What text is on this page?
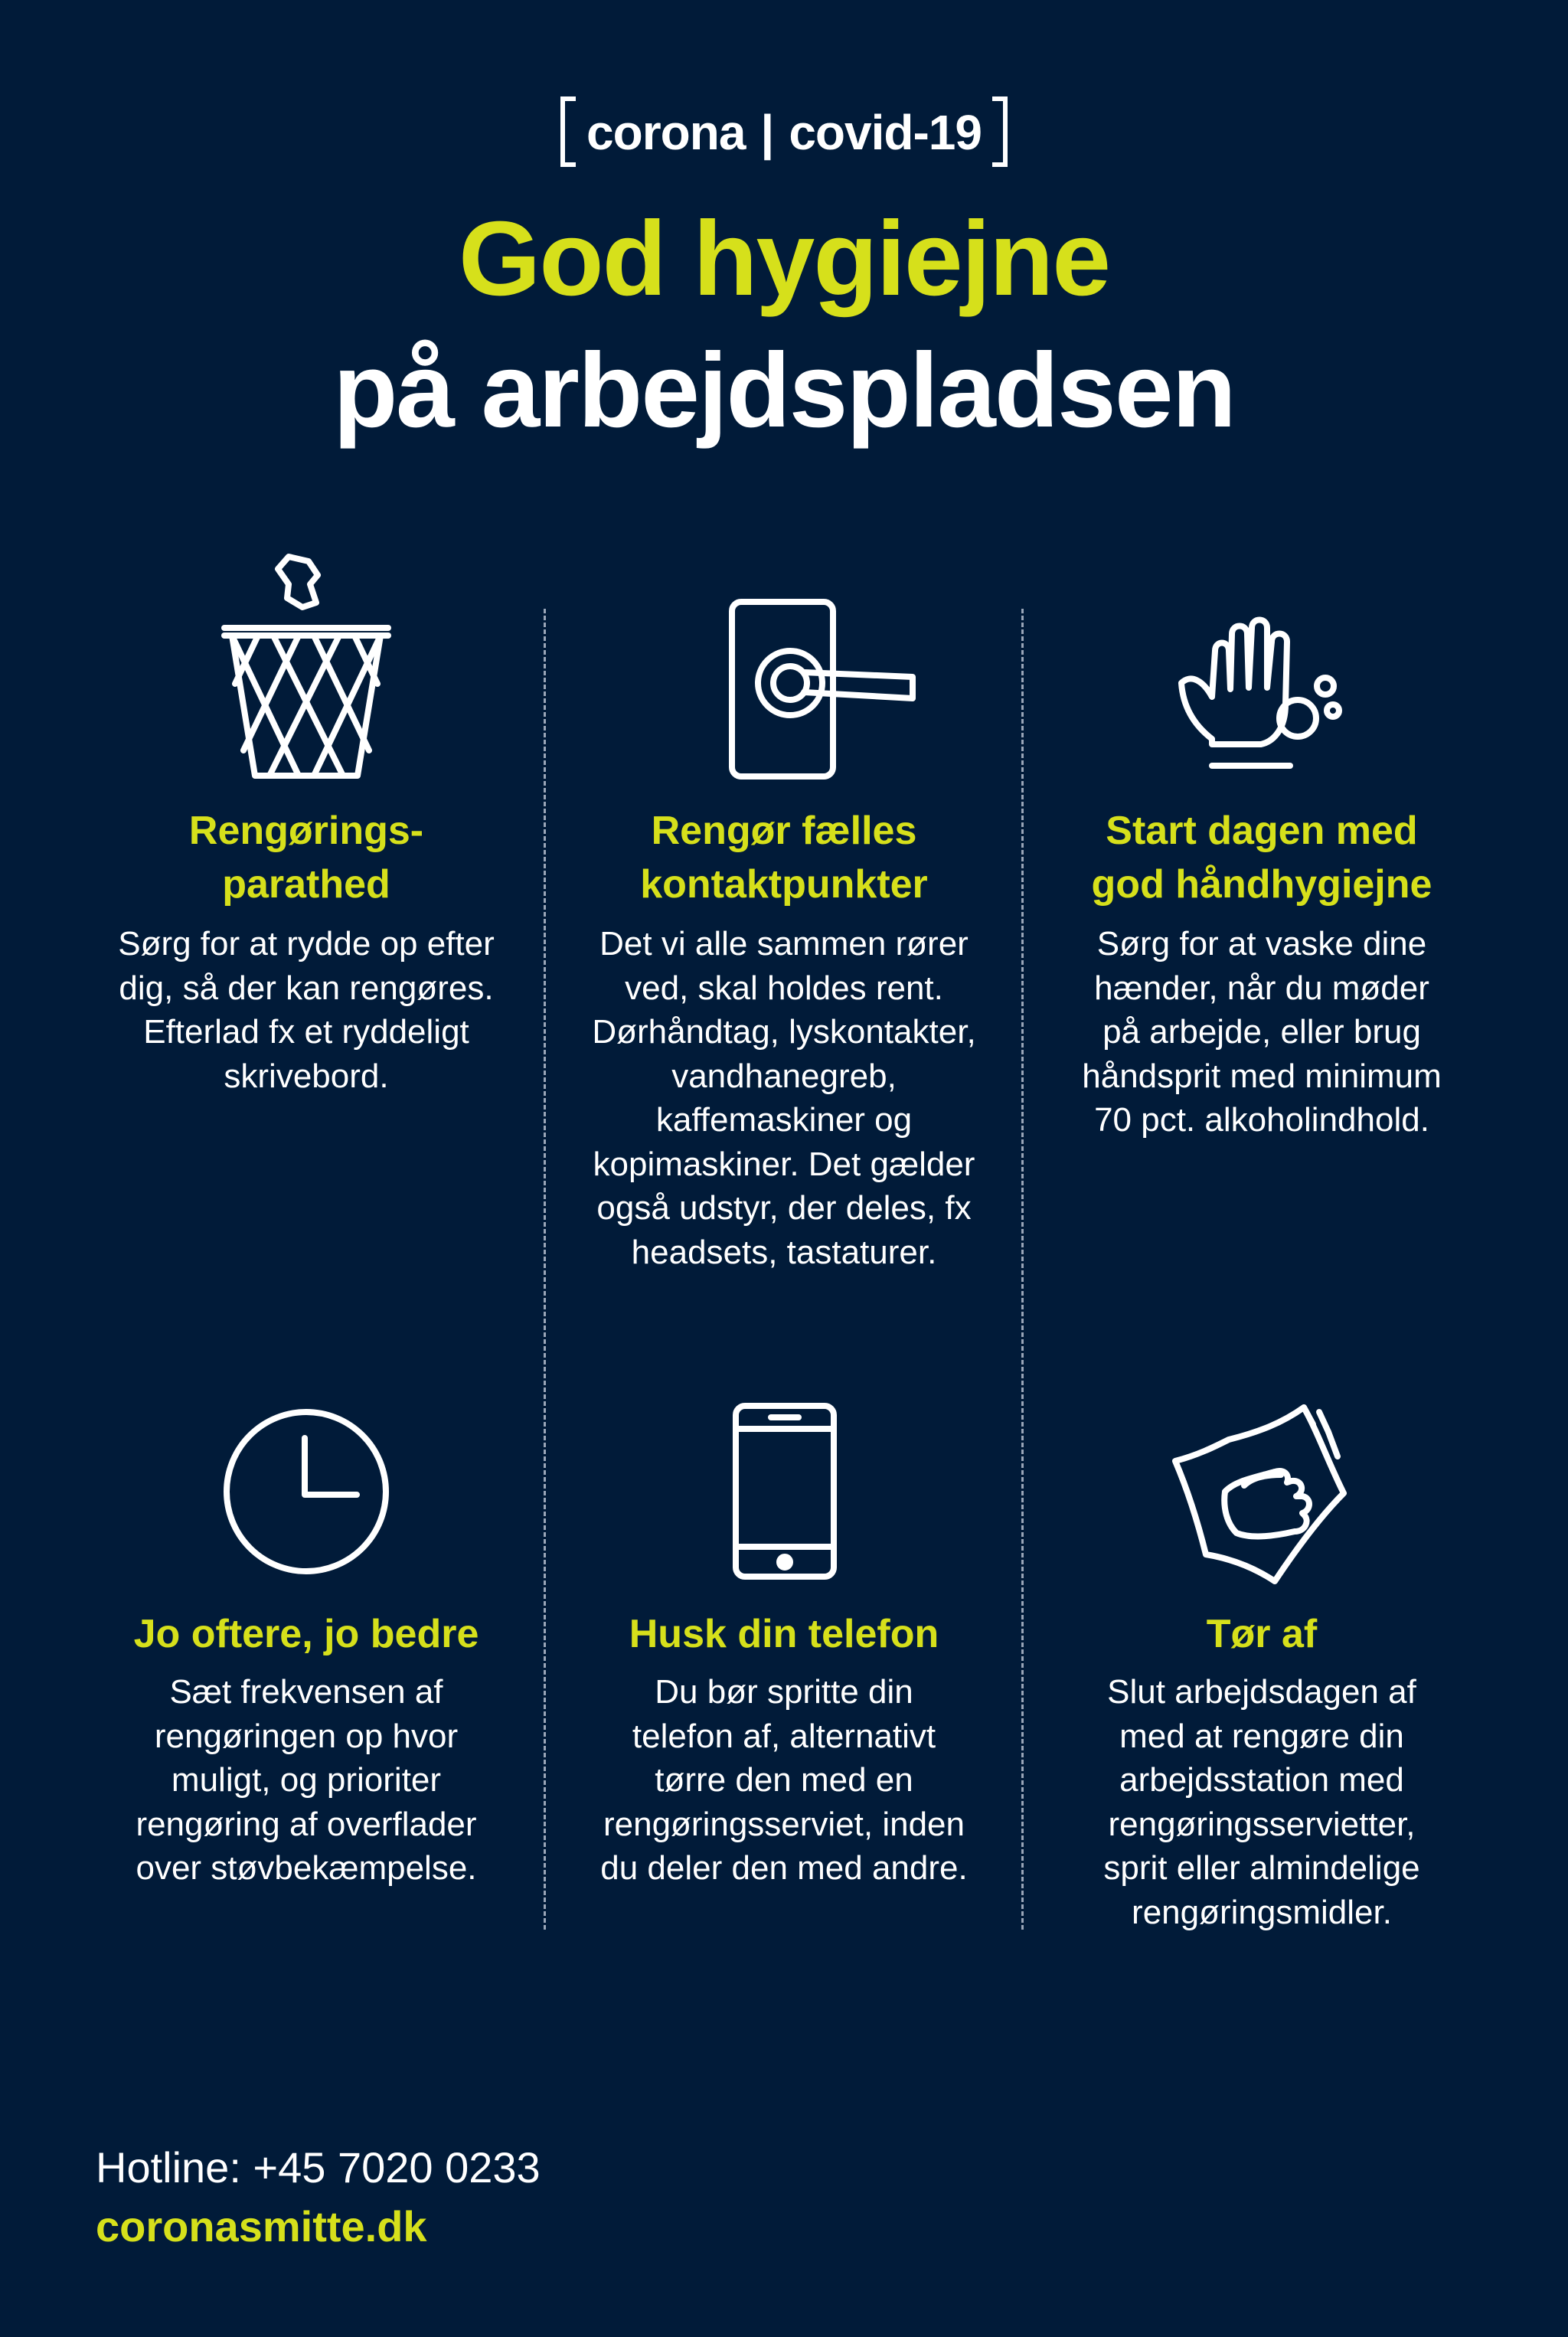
corona | covid-19
God hygiejne
på arbejdspladsen
Rengørings-
parathed
Sørg for at rydde op efter
dig, så der kan rengøres.
Efterlad fx et ryddeligt
skrivebord.
Rengør fælles
kontaktpunkter
Det vi alle sammen rører
ved, skal holdes rent.
Dørhåndtag, lyskontakter,
vandhanegreb,
kaffemaskiner og
kopimaskiner. Det gælder
også udstyr, der deles, fx
headsets, tastaturer.
Start dagen med
god håndhygiejne
Sørg for at vaske dine
hænder, når du møder
på arbejde, eller brug
håndsprit med minimum
70 pct. alkoholindhold.
Jo oftere, jo bedre
Sæt frekvensen af
rengøringen op hvor
muligt, og prioriter
rengøring af overflader
over støvbekæmpelse.
Husk din telefon
Du bør spritte din
telefon af, alternativt
tørre den med en
rengøringsserviet, inden
du deler den med andre.
Tør af
Slut arbejdsdagen af
med at rengøre din
arbejdsstation med
rengøringsservietter,
sprit eller almindelige
rengøringsmidler.
Hotline: +45 7020 0233
coronasmitte.dk
